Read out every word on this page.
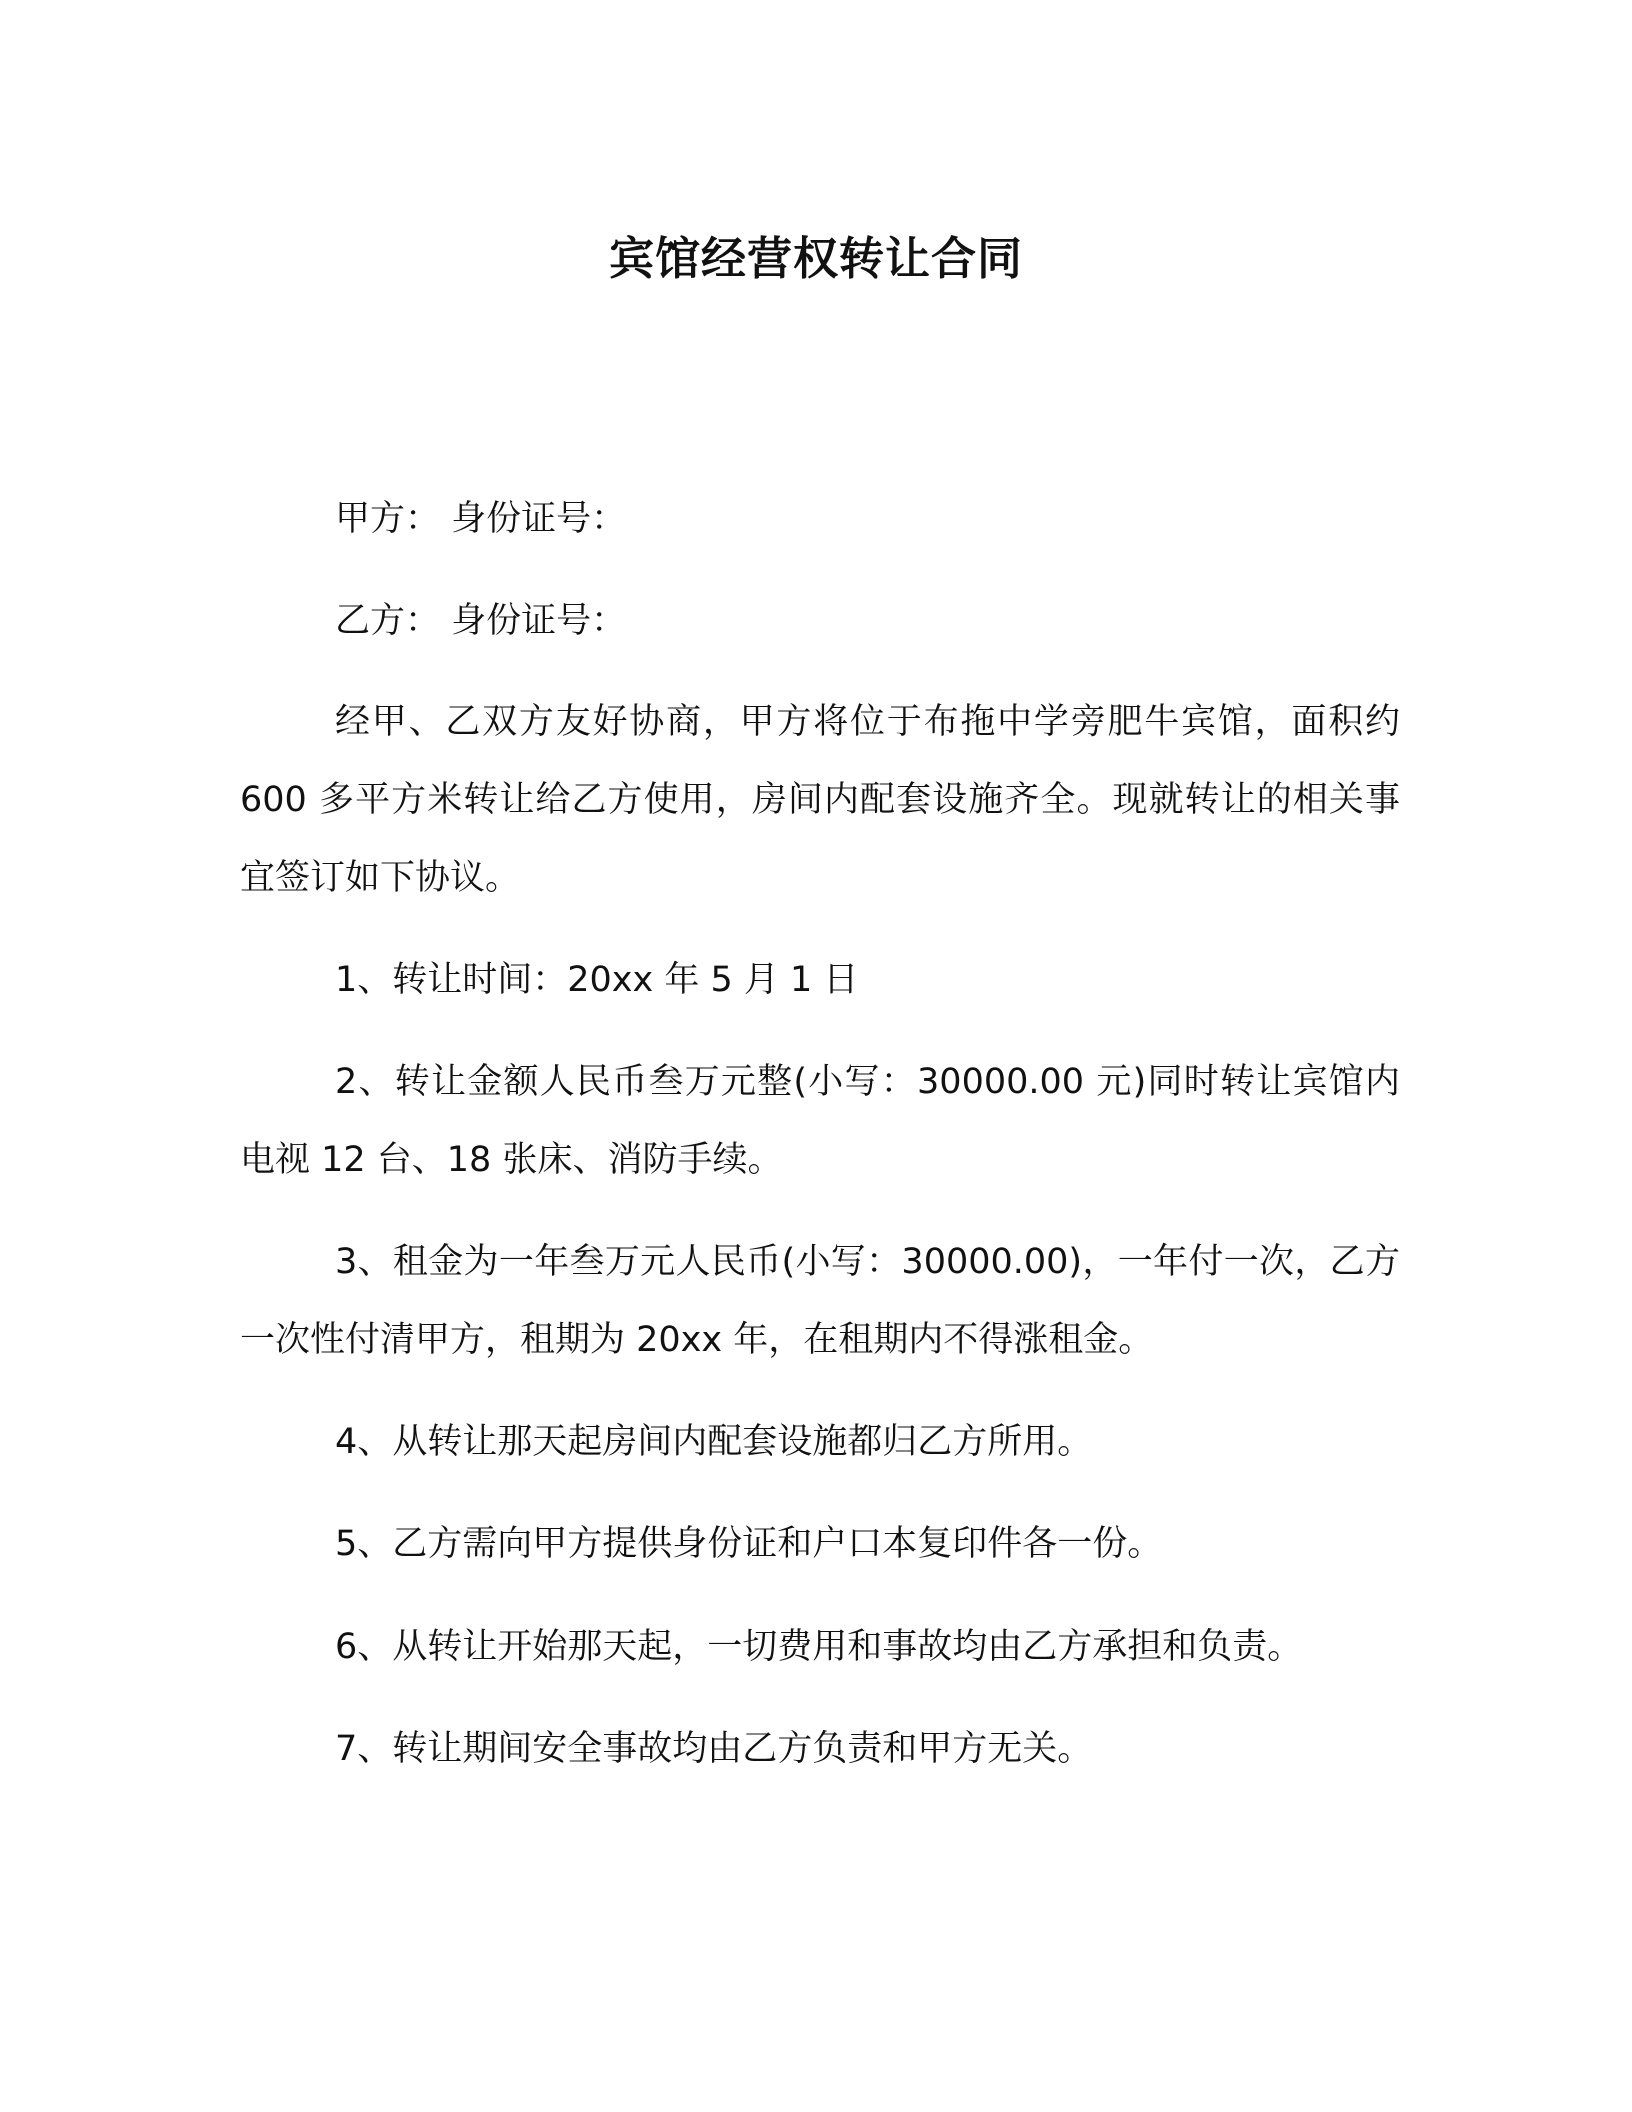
宾馆经营权转让合同
甲方： 身份证号：
乙方： 身份证号：
经甲、乙双方友好协商，甲方将位于布拖中学旁肥牛宾馆，面积约 600 多平方米转让给乙方使用，房间内配套设施齐全。现就转让的相关事宜签订如下协议。
1、转让时间：20xx 年 5 月 1 日
2、转让金额人民币叁万元整(小写：30000.00 元)同时转让宾馆内电视 12 台、18 张床、消防手续。
3、租金为一年叁万元人民币(小写：30000.00)，一年付一次，乙方一次性付清甲方，租期为 20xx 年，在租期内不得涨租金。
4、从转让那天起房间内配套设施都归乙方所用。
5、乙方需向甲方提供身份证和户口本复印件各一份。
6、从转让开始那天起，一切费用和事故均由乙方承担和负责。
7、转让期间安全事故均由乙方负责和甲方无关。
